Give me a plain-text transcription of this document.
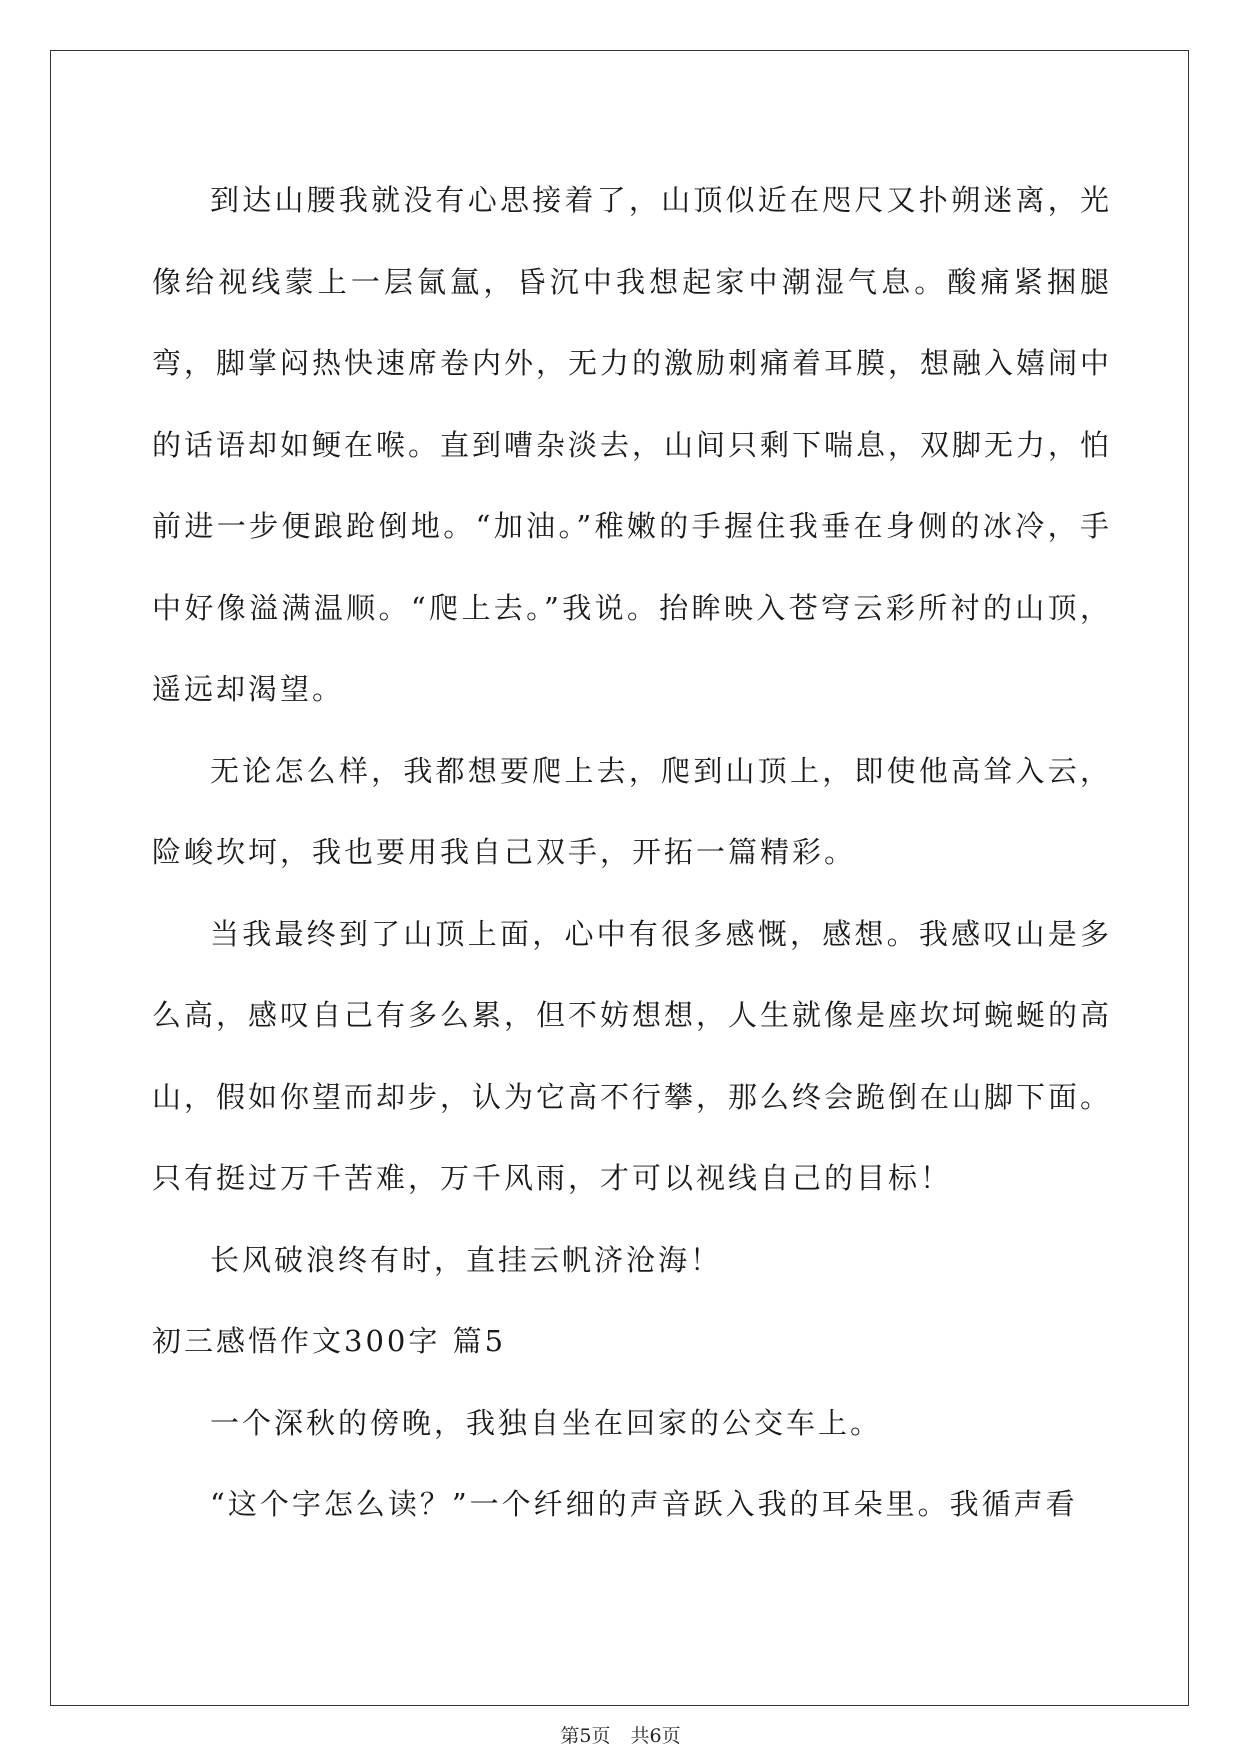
到达山腰我就没有心思接着了，山顶似近在咫尺又扑朔迷离，光像给视线蒙上一层氤氲，昏沉中我想起家中潮湿气息。酸痛紧捆腿弯，脚掌闷热快速席卷内外，无力的激励刺痛着耳膜，想融入嬉闹中的话语却如鲠在喉。直到嘈杂淡去，山间只剩下喘息，双脚无力，怕前进一步便踉跄倒地。“加油。”稚嫩的手握住我垂在身侧的冰冷，手中好像溢满温顺。“爬上去。”我说。抬眸映入苍穹云彩所衬的山顶，遥远却渴望。

无论怎么样，我都想要爬上去，爬到山顶上，即使他高耸入云，险峻坎坷，我也要用我自己双手，开拓一篇精彩。

当我最终到了山顶上面，心中有很多感慨，感想。我感叹山是多么高，感叹自己有多么累，但不妨想想，人生就像是座坎坷蜿蜒的高山，假如你望而却步，认为它高不行攀，那么终会跪倒在山脚下面。只有挺过万千苦难，万千风雨，才可以视线自己的目标！

长风破浪终有时，直挂云帆济沧海！

初三感悟作文300字 篇5

一个深秋的傍晚，我独自坐在回家的公交车上。

“这个字怎么读？”一个纤细的声音跃入我的耳朵里。我循声看

第5页 共6页
